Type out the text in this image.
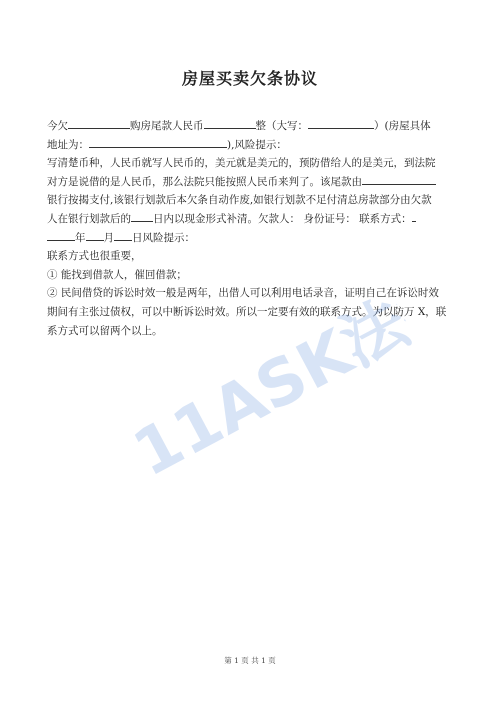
房屋买卖欠条协议
今欠	购房尾款人民币	整（大写：	）(房屋具体
地址为：	),风险提示：
写清楚币种，人民币就写人民币的，美元就是美元的，预防借给人的是美元，到法院
对方是说借的是人民币，那么法院只能按照人民币来判了。该尾款由
银行按揭支付,该银行划款后本欠条自动作废,如银行划款不足付清总房款部分由欠款
人在银行划款后的 日内以现金形式补清。欠款人： 身份证号： 联系方式：
年 月 日风险提示：
联系方式也很重要，
① 能找到借款人，催回借款；
② 民间借贷的诉讼时效一般是两年，出借人可以利用电话录音，证明自己在诉讼时效
期间有主张过债权，可以中断诉讼时效。所以一定要有效的联系方式。为以防万 X，联
系方式可以留两个以上。
11ASK法律
第 1 页 共 1 页
